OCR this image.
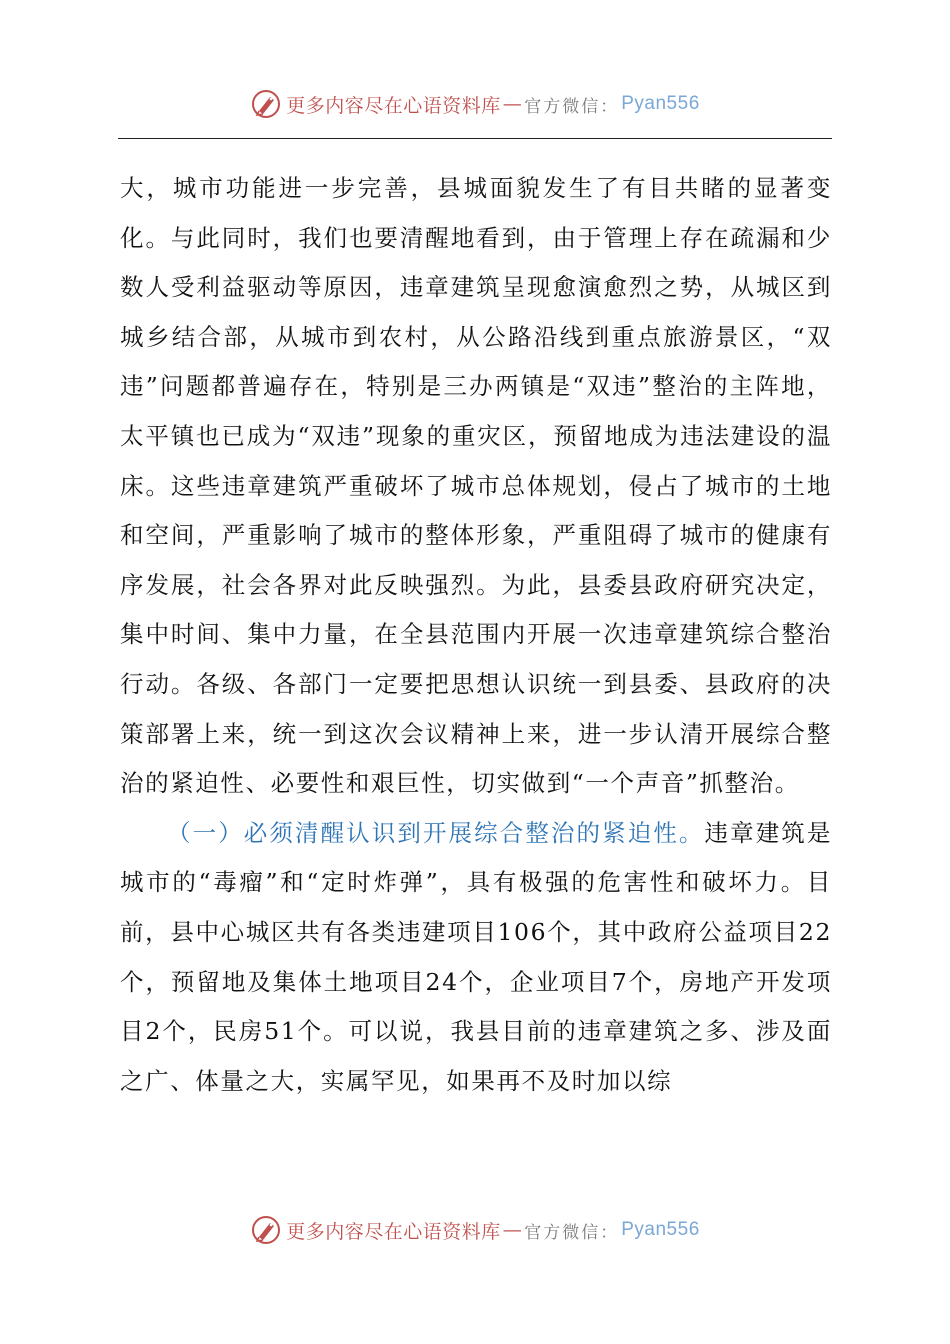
更多内容尽在心语资料库 — 官方微信： Pyan556

大，城市功能进一步完善，县城面貌发生了有目共睹的显著变化。与此同时，我们也要清醒地看到，由于管理上存在疏漏和少数人受利益驱动等原因，违章建筑呈现愈演愈烈之势，从城区到城乡结合部，从城市到农村，从公路沿线到重点旅游景区，“双违”问题都普遍存在，特别是三办两镇是“双违”整治的主阵地，太平镇也已成为“双违”现象的重灾区，预留地成为违法建设的温床。这些违章建筑严重破坏了城市总体规划，侵占了城市的土地和空间，严重影响了城市的整体形象，严重阻碍了城市的健康有序发展，社会各界对此反映强烈。为此，县委县政府研究决定，集中时间、集中力量，在全县范围内开展一次违章建筑综合整治行动。各级、各部门一定要把思想认识统一到县委、县政府的决策部署上来，统一到这次会议精神上来，进一步认清开展综合整治的紧迫性、必要性和艰巨性，切实做到“一个声音”抓整治。

（一）必须清醒认识到开展综合整治的紧迫性。违章建筑是城市的“毒瘤”和“定时炸弹”，具有极强的危害性和破坏力。目前，县中心城区共有各类违建项目106个，其中政府公益项目22个，预留地及集体土地项目24个，企业项目7个，房地产开发项目2个，民房51个。可以说，我县目前的违章建筑之多、涉及面之广、体量之大，实属罕见，如果再不及时加以综

更多内容尽在心语资料库 — 官方微信： Pyan556
